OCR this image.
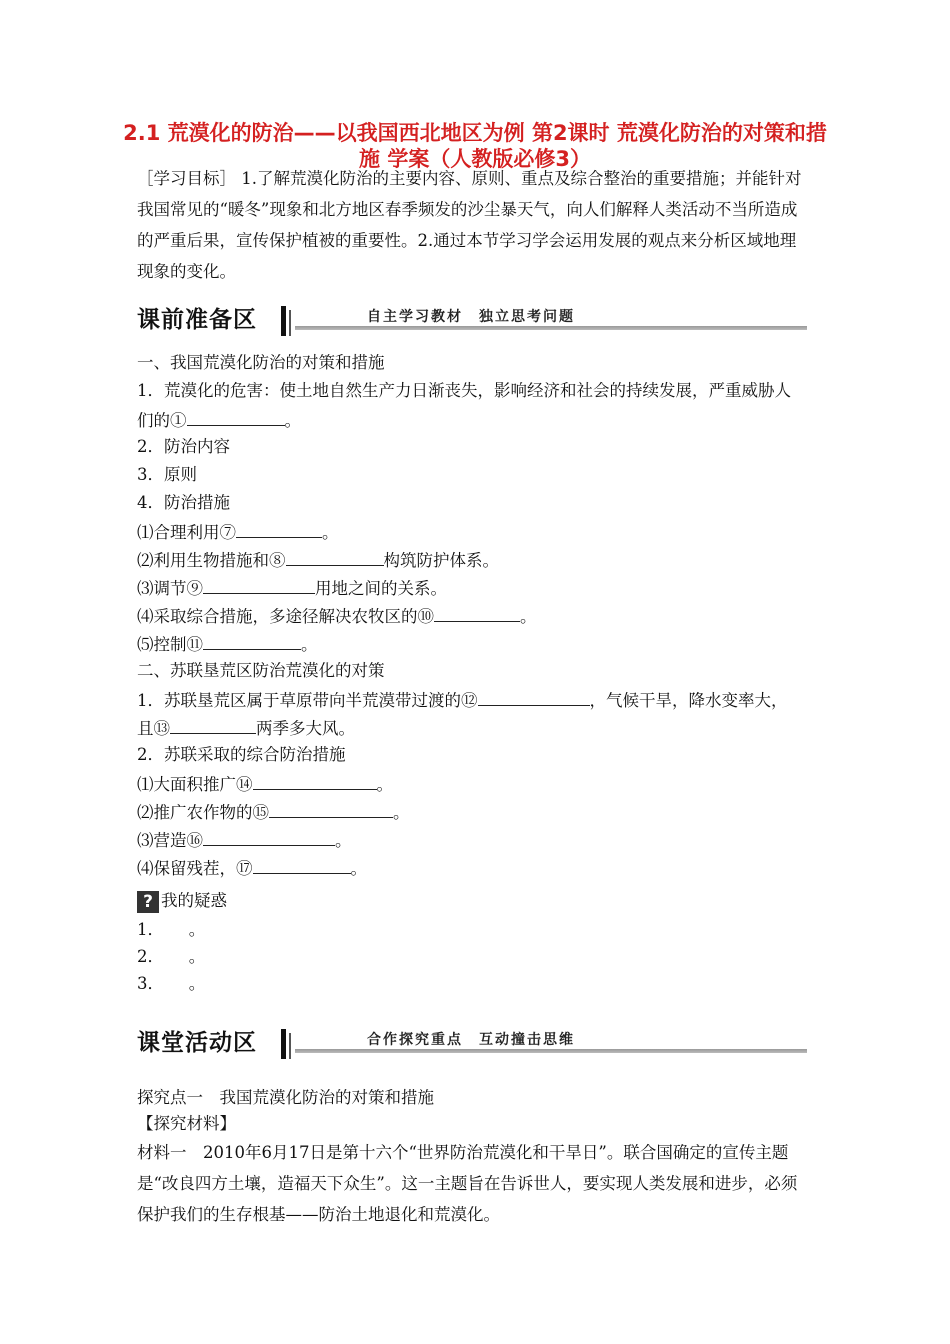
2.1 荒漠化的防治——以我国西北地区为例 第2课时 荒漠化防治的对策和措施 学案（人教版必修3）
［学习目标］ 1.了解荒漠化防治的主要内容、原则、重点及综合整治的重要措施；并能针对我国常见的“暖冬”现象和北方地区春季频发的沙尘暴天气，向人们解释人类活动不当所造成的严重后果，宣传保护植被的重要性。2.通过本节学习学会运用发展的观点来分析区域地理现象的变化。
课前准备区	自主学习教材　独立思考问题
一、我国荒漠化防治的对策和措施
1．荒漠化的危害：使土地自然生产力日渐丧失，影响经济和社会的持续发展，严重威胁人
们的①	。
2．防治内容
3．原则
4．防治措施
⑴合理利用⑦	。
⑵利用生物措施和⑧	构筑防护体系。
⑶调节⑨	用地之间的关系。
⑷采取综合措施，多途径解决农牧区的⑩	。
⑸控制⑪	。
二、苏联垦荒区防治荒漠化的对策
1．苏联垦荒区属于草原带向半荒漠带过渡的⑫	，气候干旱，降水变率大，
且⑬	两季多大风。
2．苏联采取的综合防治措施
⑴大面积推广⑭	。
⑵推广农作物的⑮	。
⑶营造⑯	。
⑷保留残茬，⑰	。
? 我的疑惑
1．　　。
2．　　。
3．　　。
课堂活动区	合作探究重点　互动撞击思维
探究点一　我国荒漠化防治的对策和措施
【探究材料】
材料一　2010年6月17日是第十六个“世界防治荒漠化和干旱日”。联合国确定的宣传主题是“改良四方土壤，造福天下众生”。这一主题旨在告诉世人，要实现人类发展和进步，必须保护我们的生存根基——防治土地退化和荒漠化。
